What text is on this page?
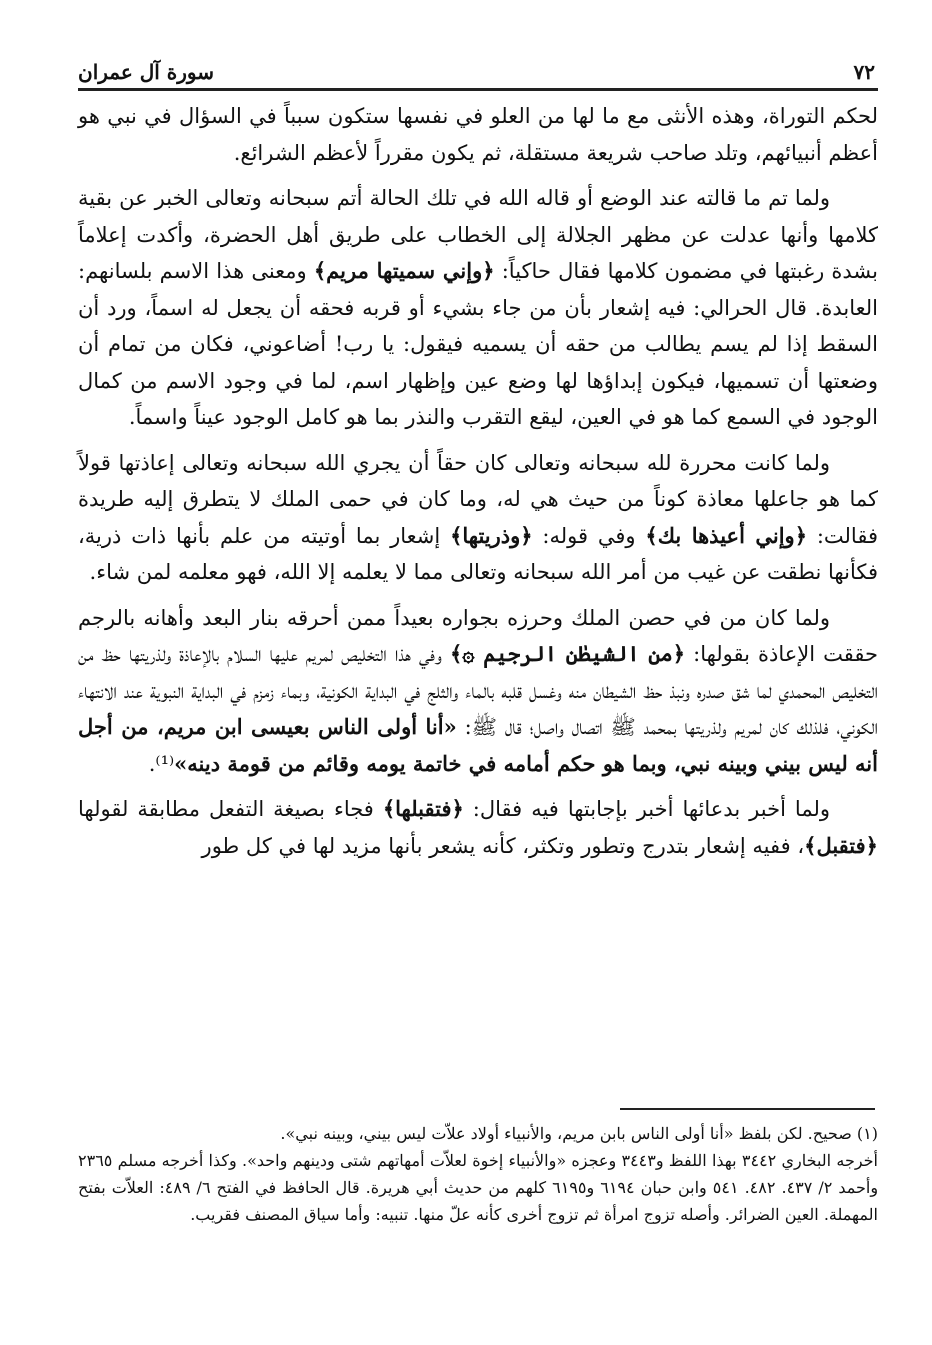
٧٢
سورة آل عمران

لحكم التوراة، وهذه الأنثى مع ما لها من العلو في نفسها ستكون سبباً في السؤال في نبي هو أعظم أنبيائهم، وتلد صاحب شريعة مستقلة، ثم يكون مقرراً لأعظم الشرائع.

ولما تم ما قالته عند الوضع أو قاله الله في تلك الحالة أتم سبحانه وتعالى الخبر عن بقية كلامها وأنها عدلت عن مظهر الجلالة إلى الخطاب على طريق أهل الحضرة، وأكدت إعلاماً بشدة رغبتها في مضمون كلامها فقال حاكياً: ﴿وإني سميتها مريم﴾ ومعنى هذا الاسم بلسانهم: العابدة. قال الحرالي: فيه إشعار بأن من جاء بشيء أو قربه فحقه أن يجعل له اسماً، ورد أن السقط إذا لم يسم يطالب من حقه أن يسميه فيقول: يا رب! أضاعوني، فكان من تمام أن وضعتها أن تسميها، فيكون إبداؤها لها وضع عين وإظهار اسم، لما في وجود الاسم من كمال الوجود في السمع كما هو في العين، ليقع التقرب والنذر بما هو كامل الوجود عيناً واسماً.

ولما كانت محررة لله سبحانه وتعالى كان حقاً أن يجري الله سبحانه وتعالى إعاذتها قولاً كما هو جاعلها معاذة كوناً من حيث هي له، وما كان في حمى الملك لا يتطرق إليه طريدة فقالت: ﴿وإني أعيذها بك﴾ وفي قوله: ﴿وذريتها﴾ إشعار بما أوتيته من علم بأنها ذات ذرية، فكأنها نطقت عن غيب من أمر الله سبحانه وتعالى مما لا يعلمه إلا الله، فهو معلمه لمن شاء.

ولما كان من في حصن الملك وحرزه بجواره بعيداً ممن أحرقه بنار البعد وأهانه بالرجم حققت الإعاذة بقولها: ﴿من الشيطٰن الرجيم ۞﴾ وفي هذا التخليص لمريم عليها السلام بالإعاذة ولذريتها حظ من التخليص المحمدي لما شق صدره ونبذ حظ الشيطان منه وغسل قلبه بالماء والثلج في البداية الكونية، وبماء زمزم في البداية النبوية عند الانتهاء الكوني، فلذلك كان لمريم ولذريتها بمحمد ﷺ اتصال واصل؛ قال ﷺ: «أنا أولى الناس بعيسى ابن مريم، من أجل أنه ليس بيني وبينه نبي، وبما هو حكم أمامه في خاتمة يومه وقائم من قومة دينه»⁽¹⁾.

ولما أخبر بدعائها أخبر بإجابتها فيه فقال: ﴿فتقبلها﴾ فجاء بصيغة التفعل مطابقة لقولها ﴿فتقبل﴾، ففيه إشعار بتدرج وتطور وتكثر، كأنه يشعر بأنها مزيد لها في كل طور

(١) صحيح. لكن بلفظ «أنا أولى الناس بابن مريم، والأنبياء أولاد علاّت ليس بيني، وبينه نبي».

أخرجه البخاري ٣٤٤٢ بهذا اللفظ و٣٤٤٣ وعجزه «والأنبياء إخوة لعلاّت أمهاتهم شتى ودينهم واحد». وكذا أخرجه مسلم ٢٣٦٥ وأحمد ٢/ ٤٣٧. ٤٨٢. ٥٤١ وابن حبان ٦١٩٤ و٦١٩٥ كلهم من حديث أبي هريرة. قال الحافظ في الفتح ٦/ ٤٨٩: العلاّت بفتح المهملة. العين الضرائر. وأصله تزوج امرأة ثم تزوج أخرى كأنه علّ منها. تنبيه: وأما سياق المصنف فقريب.
